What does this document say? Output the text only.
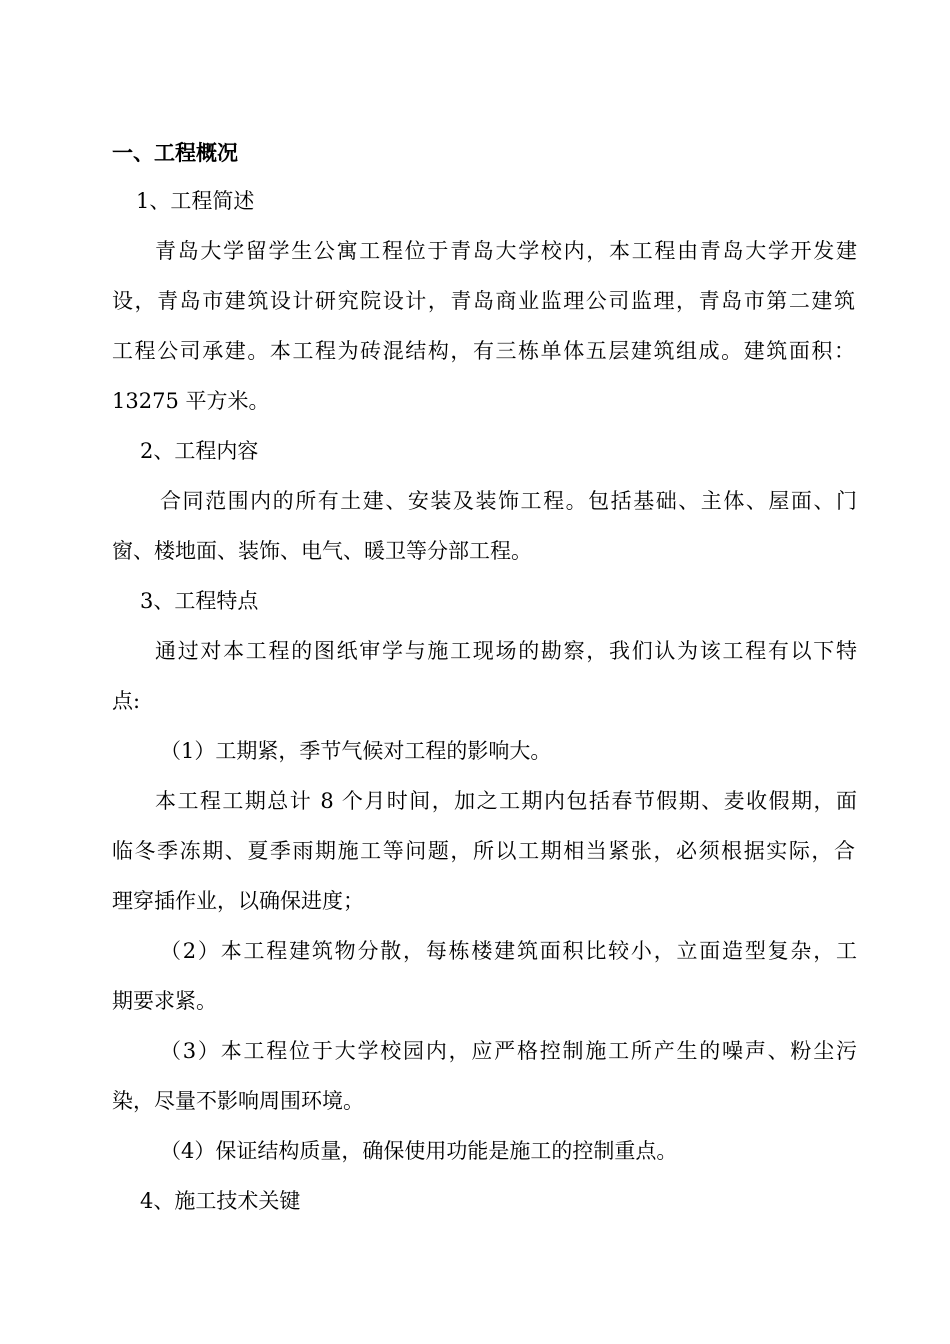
一、工程概况
1、工程简述
青岛大学留学生公寓工程位于青岛大学校内，本工程由青岛大学开发建
设，青岛市建筑设计研究院设计，青岛商业监理公司监理，青岛市第二建筑
工程公司承建。本工程为砖混结构，有三栋单体五层建筑组成。建筑面积：
13275 平方米。
2、工程内容
合同范围内的所有土建、安装及装饰工程。包括基础、主体、屋面、门
窗、楼地面、装饰、电气、暖卫等分部工程。
3、工程特点
通过对本工程的图纸审学与施工现场的勘察，我们认为该工程有以下特
点:
（1）工期紧，季节气候对工程的影响大。
本工程工期总计 8 个月时间，加之工期内包括春节假期、麦收假期，面
临冬季冻期、夏季雨期施工等问题，所以工期相当紧张，必须根据实际，合
理穿插作业，以确保进度；
（2）本工程建筑物分散，每栋楼建筑面积比较小，立面造型复杂，工
期要求紧。
（3）本工程位于大学校园内，应严格控制施工所产生的噪声、粉尘污
染，尽量不影响周围环境。
（4）保证结构质量，确保使用功能是施工的控制重点。
4、施工技术关键
